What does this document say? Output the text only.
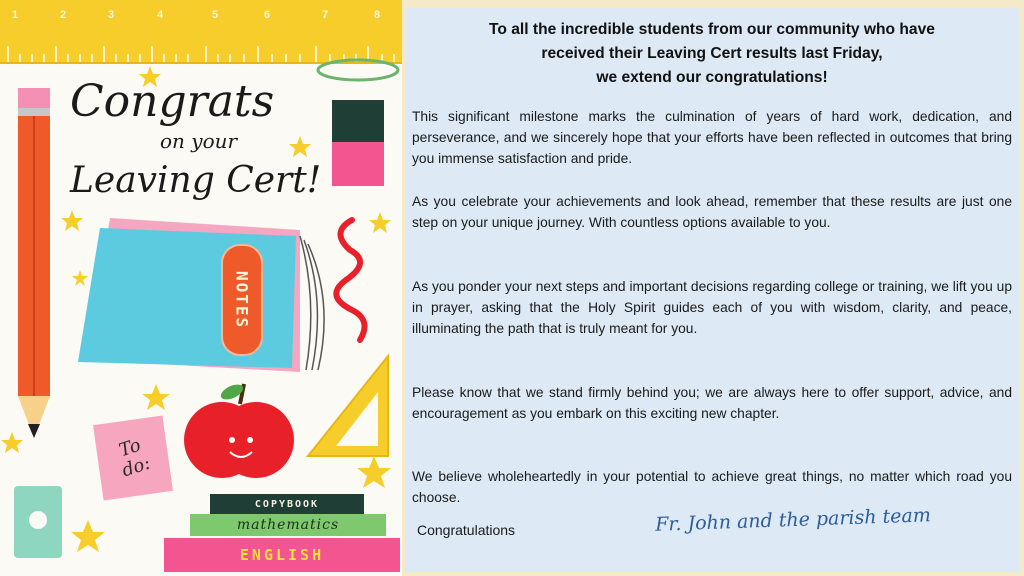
1	2	3	4	5	6	7	8
Congrats
on your
Leaving Cert!
NOTES
To
do:
COPYBOOK
mathematics
ENGLISH
To all the incredible students from our community who have
received their Leaving Cert results last Friday,
we extend our congratulations!

This significant milestone marks the culmination of years of hard work, dedication, and perseverance, and we sincerely hope that your efforts have been reflected in outcomes that bring you immense satisfaction and pride.

As you celebrate your achievements and look ahead, remember that these results are just one step on your unique journey. With countless options available to you.

As you ponder your next steps and important decisions regarding college or training, we lift you up in prayer, asking that the Holy Spirit guides each of you with wisdom, clarity, and peace, illuminating the path that is truly meant for you.

Please know that we stand firmly behind you; we are always here to offer support, advice, and encouragement as you embark on this exciting new chapter.

We believe wholeheartedly in your potential to achieve great things, no matter which road you choose.

Congratulations	Fr. John and the parish team
